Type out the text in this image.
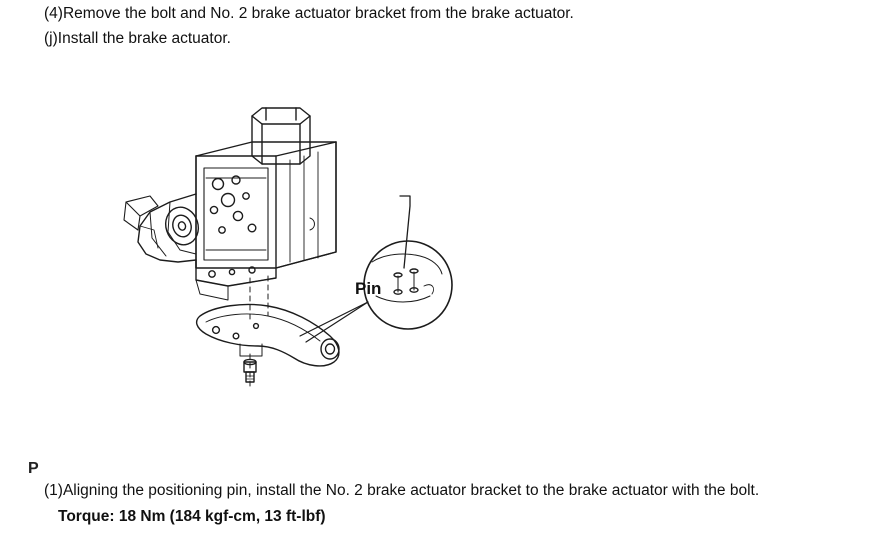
(4)Remove the bolt and No. 2 brake actuator bracket from the brake actuator.
(j)Install the brake actuator.
Pin
P
(1)Aligning the positioning pin, install the No. 2 brake actuator bracket to the brake actuator with the bolt.
Torque: 18 Nm (184 kgf-cm, 13 ft-lbf)
